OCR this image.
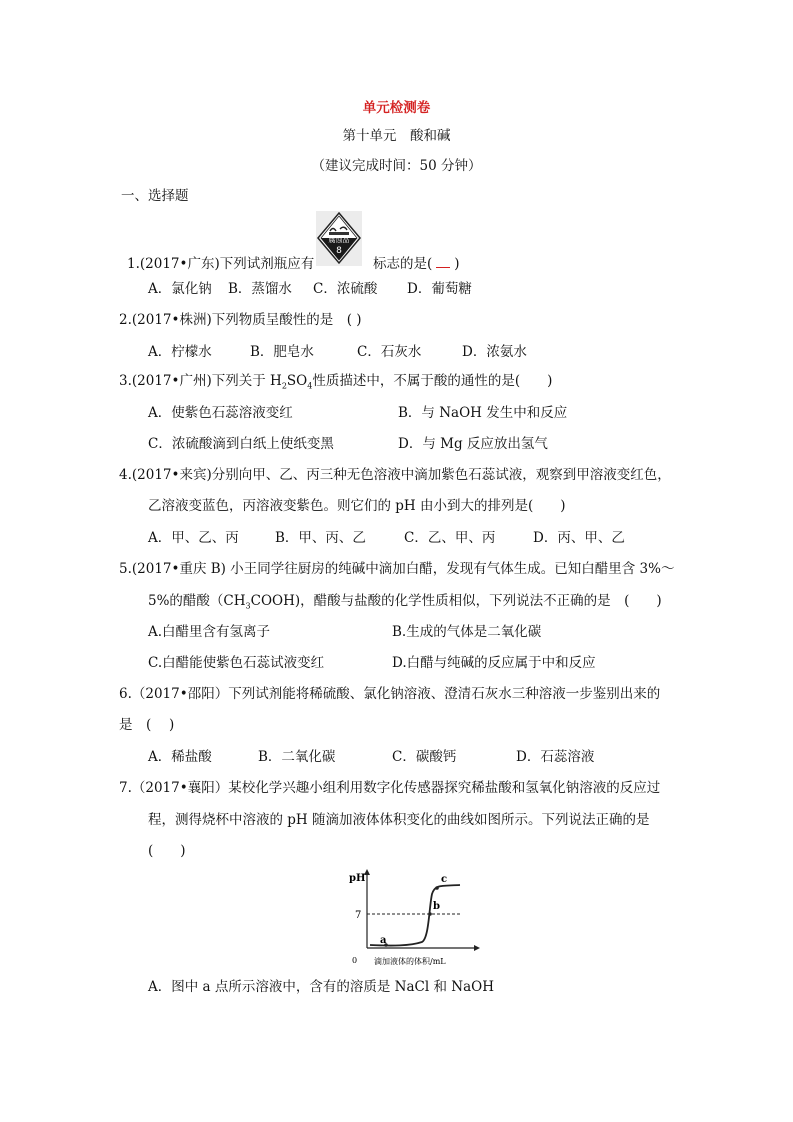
单元检测卷
第十单元　酸和碱
（建议完成时间：50 分钟）
一、选择题
腐蚀品
8
1.(2017•广东)下列试剂瓶应有	标志的是( )
A．氯化钠 B．蒸馏水 C．浓硫酸 D．葡萄糖
2.(2017•株洲)下列物质呈酸性的是　( )
A．柠檬水	B．肥皂水	C．石灰水	D．浓氨水
3.(2017•广州)下列关于 $H_2SO_4$性质描述中，不属于酸的通性的是(　　)
A．使紫色石蕊溶液变红	B．与 NaOH 发生中和反应
C．浓硫酸滴到白纸上使纸变黑	D．与 Mg 反应放出氢气
4.(2017•来宾)分别向甲、乙、丙三种无色溶液中滴加紫色石蕊试液，观察到甲溶液变红色，
乙溶液变蓝色，丙溶液变紫色。则它们的 pH 由小到大的排列是(　　)
A．甲、乙、丙	B．甲、丙、乙	C．乙、甲、丙	D．丙、甲、乙
5.(2017•重庆 B) 小王同学往厨房的纯碱中滴加白醋，发现有气体生成。已知白醋里含 3%～
5%的醋酸$(CH_3COOH)$，醋酸与盐酸的化学性质相似，下列说法不正确的是　(　　)
A.白醋里含有氢离子	B.生成的气体是二氧化碳
C.白醋能使紫色石蕊试液变红	D.白醋与纯碱的反应属于中和反应
6.（2017•邵阳）下列试剂能将稀硫酸、氯化钠溶液、澄清石灰水三种溶液一步鉴别出来的
是　(　 )
A．稀盐酸	B．二氧化碳	C．碳酸钙	D．石蕊溶液
7.（2017•襄阳）某校化学兴趣小组利用数字化传感器探究稀盐酸和氢氧化钠溶液的反应过
程，测得烧杯中溶液的 pH 随滴加液体体积变化的曲线如图所示。下列说法正确的是
(　　)
pH
7
0 滴加液体的体积/mL
a
b
c
A．图中 a 点所示溶液中，含有的溶质是 NaCl 和 NaOH
